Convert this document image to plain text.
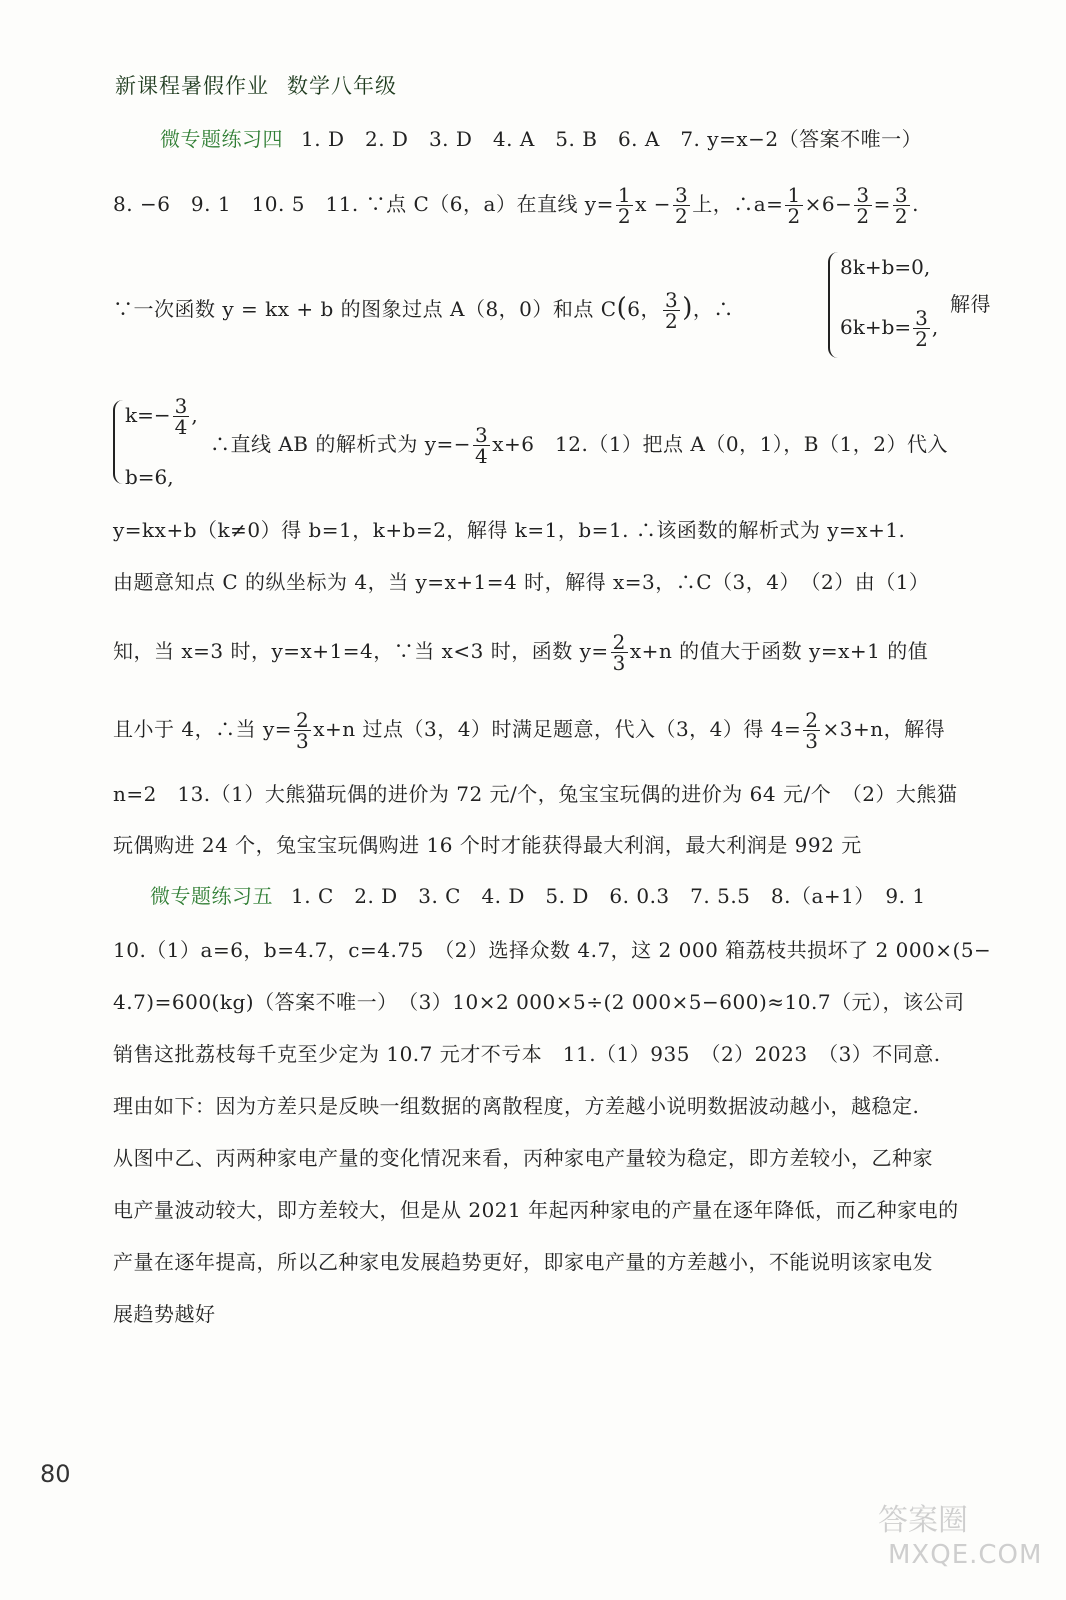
新课程暑假作业 数学八年级
微专题练习四 1. D　2. D　3. D　4. A　5. B　6. A　7. y=x−2（答案不唯一）
8. −6　9. 1　10. 5　11. ∵点 C（6，a）在直线 $y= \frac{1}{2}$ $x - \frac{3}{2}$ 上，∴a= $\frac{1}{2} \times 6- \frac{3}{2} = \frac{3}{2}$ .
∵一次函数 y = kx + b 的图象过点 A（8，0）和点 C(6， $\frac{3}{2}$ )，∴
8k+b=0,
$6k+b= \frac{3}{2}$ ,
解得
$k=- \frac{3}{4}$ ,
b=6,
∴直线 AB 的解析式为 $y=- \frac{3}{4} x+6$　12.（1）把点 A（0，1），B（1，2）代入
y=kx+b（k≠0）得 b=1，k+b=2，解得 k=1，b=1. ∴该函数的解析式为 y=x+1.
由题意知点 C 的纵坐标为 4，当 y=x+1=4 时，解得 x=3，∴C（3，4）　（2）由（1）
知，当 x=3 时，y=x+1=4，∵当 x<3 时，函数 $y= \frac{2}{3} x+n$ 的值大于函数 y=x+1 的值
且小于 4，∴当 $y= \frac{2}{3} x+n$ 过点（3，4）时满足题意，代入（3，4）得 $4= \frac{2}{3} \times 3+n$，解得
n=2　13.（1）大熊猫玩偶的进价为 72 元/个，兔宝宝玩偶的进价为 64 元/个　（2）大熊猫
玩偶购进 24 个，兔宝宝玩偶购进 16 个时才能获得最大利润，最大利润是 992 元
微专题练习五 1. C　2. D　3. C　4. D　5. D　6. 0.3　7. 5.5　8.（a+1）　9. 1
10.（1）a=6，b=4.7，c=4.75　（2）选择众数 4.7，这 2 000 箱荔枝共损坏了 2 000×(5−
4.7)=600(kg)（答案不唯一）　（3）10×2 000×5÷(2 000×5−600)≈10.7（元），该公司
销售这批荔枝每千克至少定为 10.7 元才不亏本　11.（1）935　（2）2023　（3）不同意.
理由如下：因为方差只是反映一组数据的离散程度，方差越小说明数据波动越小，越稳定.
从图中乙、丙两种家电产量的变化情况来看，丙种家电产量较为稳定，即方差较小，乙种家
电产量波动较大，即方差较大，但是从 2021 年起丙种家电的产量在逐年降低，而乙种家电的
产量在逐年提高，所以乙种家电发展趋势更好，即家电产量的方差越小，不能说明该家电发
展趋势越好
80
答案圈
MXQE.COM
